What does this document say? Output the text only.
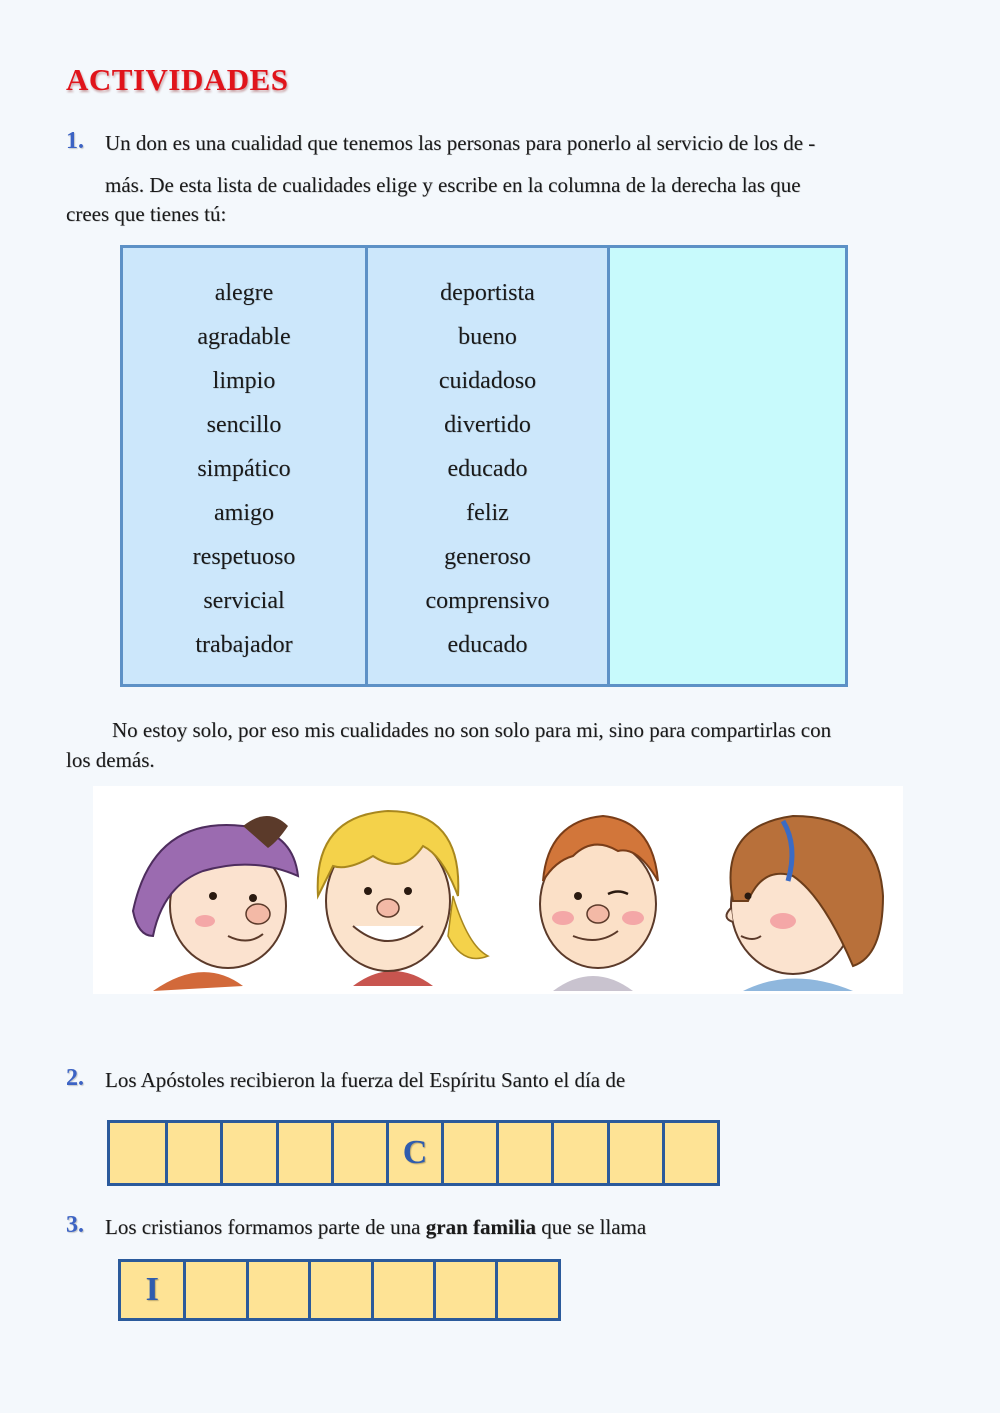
ACTIVIDADES
1. Un don es una cualidad que tenemos las personas para ponerlo al servicio de los de -
más. De esta lista de cualidades elige y escribe en la columna de la derecha las que
crees que tienes tú:
alegre
agradable
limpio
sencillo
simpático
amigo
respetuoso
servicial
trabajador
deportista
bueno
cuidadoso
divertido
educado
feliz
generoso
comprensivo
educado
No estoy solo, por eso mis cualidades no son solo para mi, sino para compartirlas con
los demás.
2. Los Apóstoles recibieron la fuerza del Espíritu Santo el día de
C
3. Los cristianos formamos parte de una gran familia que se llama
I
